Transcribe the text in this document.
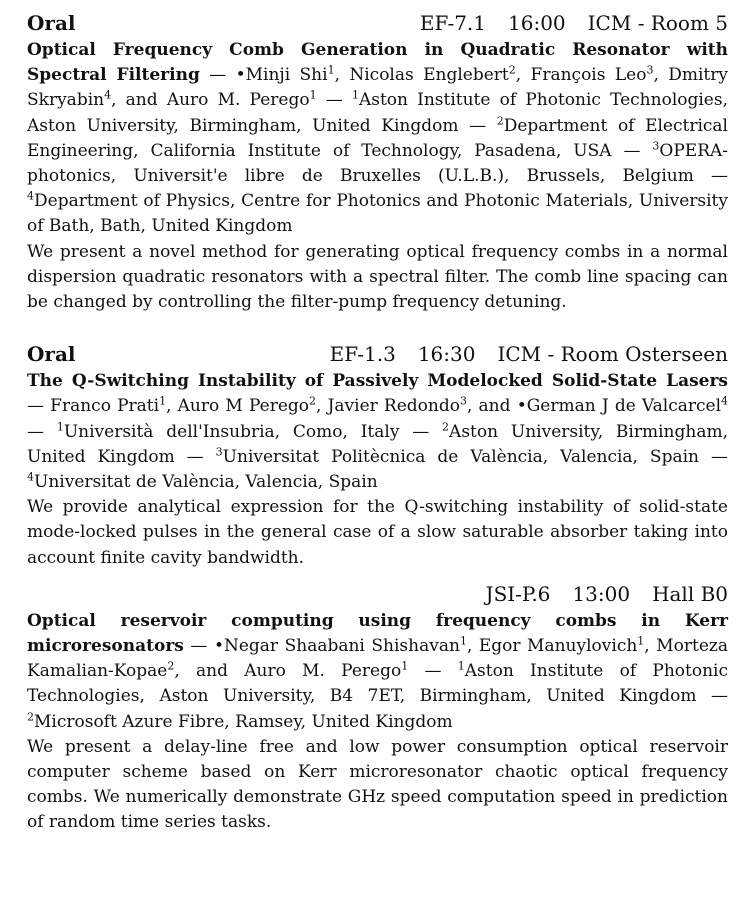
Oral	EF-7.1 16:00 ICM - Room 5

Optical Frequency Comb Generation in Quadratic Resonator with Spectral Filtering — •Minji Shi$^1$, Nicolas Englebert$^2$, François Leo$^3$, Dmitry Skryabin$^4$, and Auro M. Perego$^1$ — $^1$Aston Institute of Photonic Technologies, Aston University, Birmingham, United Kingdom — $^2$Department of Electrical Engineering, California Institute of Technology, Pasadena, USA — $^3$OPERA-photonics, Universit'e libre de Bruxelles (U.L.B.), Brussels, Belgium — $^4$Department of Physics, Centre for Photonics and Photonic Materials, University of Bath, Bath, United Kingdom

We present a novel method for generating optical frequency combs in a normal dispersion quadratic resonators with a spectral filter. The comb line spacing can be changed by controlling the filter-pump frequency detuning.

Oral	EF-1.3 16:30 ICM - Room Osterseen

The Q-Switching Instability of Passively Modelocked Solid-State Lasers — Franco Prati$^1$, Auro M Perego$^2$, Javier Redondo$^3$, and •German J de Valcarcel$^4$ — $^1$Università dell'Insubria, Como, Italy — $^2$Aston University, Birmingham, United Kingdom — $^3$Universitat Politècnica de València, Valencia, Spain — $^4$Universitat de València, Valencia, Spain

We provide analytical expression for the Q-switching instability of solid-state mode-locked pulses in the general case of a slow saturable absorber taking into account finite cavity bandwidth.

JSI-P.6 13:00 Hall B0

Optical reservoir computing using frequency combs in Kerr microresonators — •Negar Shaabani Shishavan$^1$, Egor Manuylovich$^1$, Morteza Kamalian-Kopae$^2$, and Auro M. Perego$^1$ — $^1$Aston Institute of Photonic Technologies, Aston University, B4 7ET, Birmingham, United Kingdom — $^2$Microsoft Azure Fibre, Ramsey, United Kingdom

We present a delay-line free and low power consumption optical reservoir computer scheme based on Kerr microresonator chaotic optical frequency combs. We numerically demonstrate GHz speed computation speed in prediction of random time series tasks.
